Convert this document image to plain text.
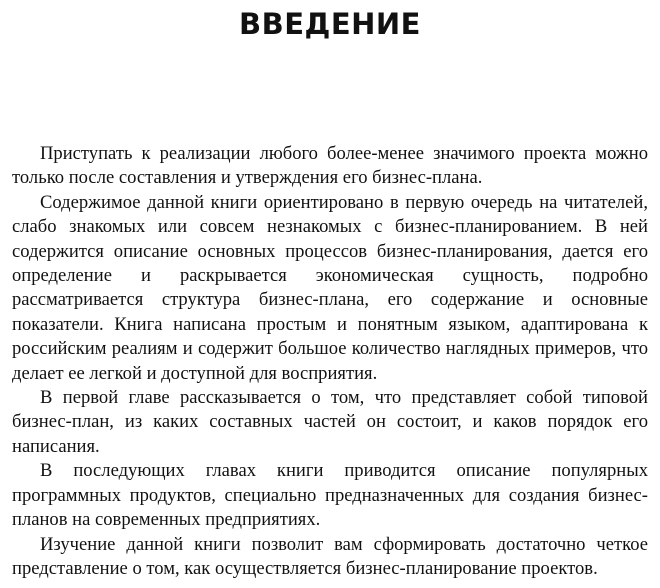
ВВЕДЕНИЕ

Приступать к реализации любого более-менее значимого проекта можно только после составления и утверждения его бизнес-плана.

Содержимое данной книги ориентировано в первую очередь на читателей, слабо знакомых или совсем незнакомых с бизнес-планированием. В ней содержится описание основных процессов бизнес-планирования, дается его определение и раскрывается экономическая сущность, подробно рассматривается структура бизнес-плана, его содержание и основные показатели. Книга написана простым и понятным языком, адаптирована к российским реалиям и содержит большое количество наглядных примеров, что делает ее легкой и доступной для восприятия.

В первой главе рассказывается о том, что представляет собой типовой бизнес-план, из каких составных частей он состоит, и каков порядок его написания.

В последующих главах книги приводится описание популярных программных продуктов, специально предназначенных для создания бизнес-планов на современных предприятиях.

Изучение данной книги позволит вам сформировать достаточно четкое представление о том, как осуществляется бизнес-планирование проектов.
